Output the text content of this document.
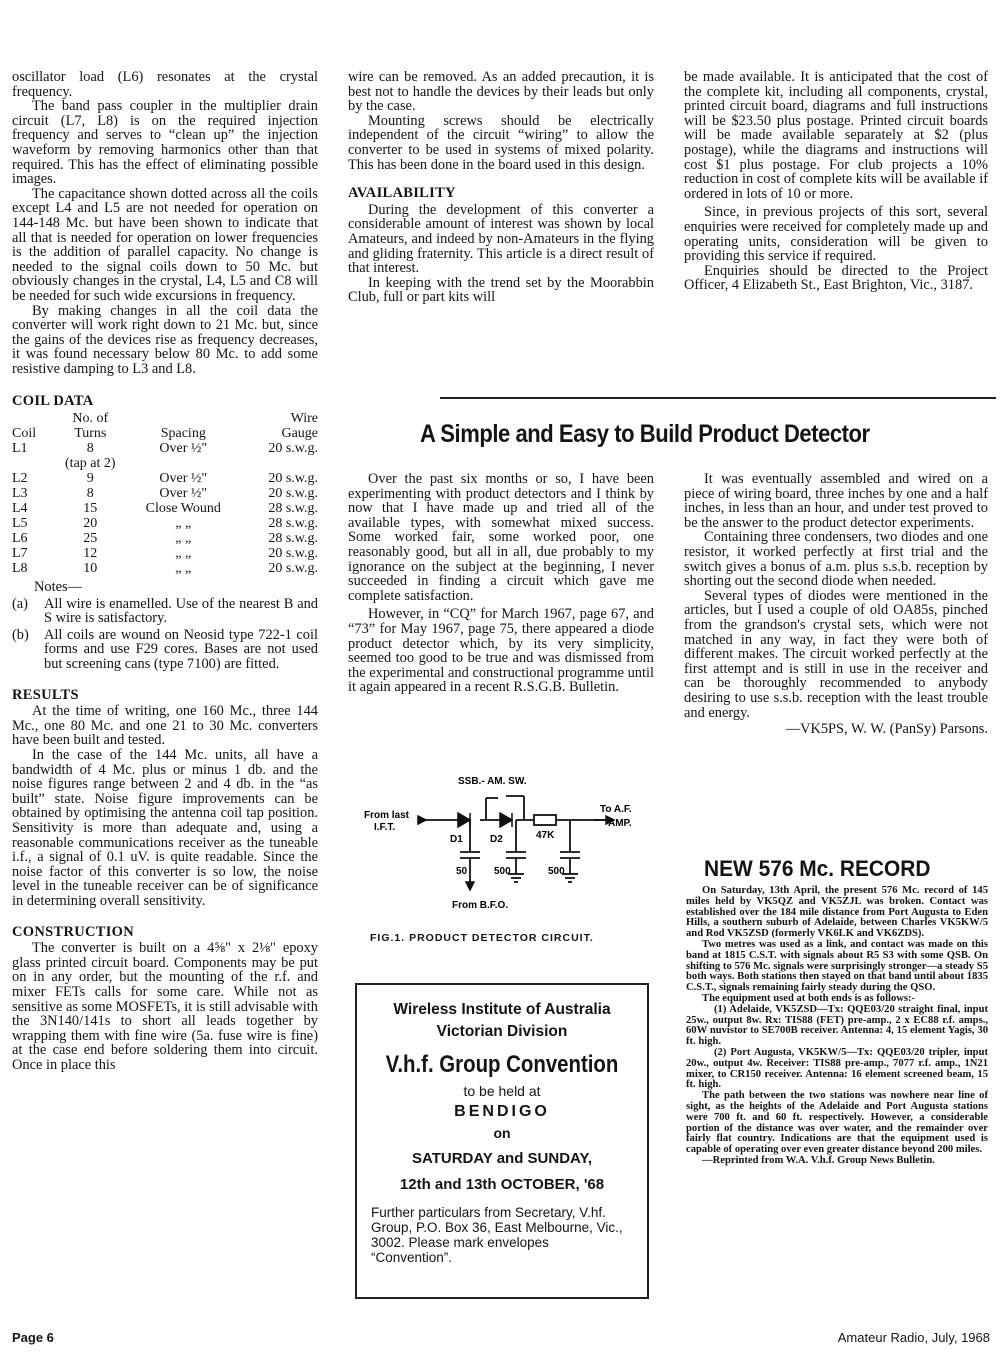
oscillator load (L6) resonates at the crystal frequency.

The band pass coupler in the multiplier drain circuit (L7, L8) is on the required injection frequency and serves to “clean up” the injection waveform by removing harmonics other than that required. This has the effect of eliminating possible images.

The capacitance shown dotted across all the coils except L4 and L5 are not needed for operation on 144-148 Mc. but have been shown to indicate that all that is needed for operation on lower frequencies is the addition of parallel capacity. No change is needed to the signal coils down to 50 Mc. but obviously changes in the crystal, L4, L5 and C8 will be needed for such wide excursions in frequency.

By making changes in all the coil data the converter will work right down to 21 Mc. but, since the gains of the devices rise as frequency decreases, it was found necessary below 80 Mc. to add some resistive damping to L3 and L8.

COIL DATA
	No. of		Wire
Coil	Turns	Spacing	Gauge
L1	8	Over ½"	20 s.w.g.
	(tap at 2)		
L2	9	Over ½"	20 s.w.g.
L3	8	Over ½"	20 s.w.g.
L4	15	Close Wound	28 s.w.g.
L5	20	„ „	28 s.w.g.
L6	25	„ „	28 s.w.g.
L7	12	„ „	20 s.w.g.
L8	10	„ „	20 s.w.g.
Notes—
(a)	All wire is enamelled. Use of the nearest B and S wire is satisfactory.
(b)	All coils are wound on Neosid type 722-1 coil forms and use F29 cores. Bases are not used but screening cans (type 7100) are fitted.
RESULTS

At the time of writing, one 160 Mc., three 144 Mc., one 80 Mc. and one 21 to 30 Mc. converters have been built and tested.

In the case of the 144 Mc. units, all have a bandwidth of 4 Mc. plus or minus 1 db. and the noise figures range between 2 and 4 db. in the “as built” state. Noise figure improvements can be obtained by optimising the antenna coil tap position. Sensitivity is more than adequate and, using a reasonable communications receiver as the tuneable i.f., a signal of 0.1 uV. is quite readable. Since the noise factor of this converter is so low, the noise level in the tuneable receiver can be of significance in determining overall sensitivity.

CONSTRUCTION

The converter is built on a 4⅝" x 2⅛" epoxy glass printed circuit board. Components may be put on in any order, but the mounting of the r.f. and mixer FETs calls for some care. While not as sensitive as some MOSFETs, it is still advisable with the 3N140/141s to short all leads together by wrapping them with fine wire (5a. fuse wire is fine) at the case end before soldering them into circuit. Once in place this

wire can be removed. As an added precaution, it is best not to handle the devices by their leads but only by the case.

Mounting screws should be electrically independent of the circuit “wiring” to allow the converter to be used in systems of mixed polarity. This has been done in the board used in this design.

AVAILABILITY

During the development of this converter a considerable amount of interest was shown by local Amateurs, and indeed by non-Amateurs in the flying and gliding fraternity. This article is a direct result of that interest.

In keeping with the trend set by the Moorabbin Club, full or part kits will

be made available. It is anticipated that the cost of the complete kit, including all components, crystal, printed circuit board, diagrams and full instructions will be $23.50 plus postage. Printed circuit boards will be made available separately at $2 (plus postage), while the diagrams and instructions will cost $1 plus postage. For club projects a 10% reduction in cost of complete kits will be available if ordered in lots of 10 or more.

Since, in previous projects of this sort, several enquiries were received for completely made up and operating units, consideration will be given to providing this service if required.

Enquiries should be directed to the Project Officer, 4 Elizabeth St., East Brighton, Vic., 3187.

A Simple and Easy to Build Product Detector

Over the past six months or so, I have been experimenting with product detectors and I think by now that I have made up and tried all of the available types, with somewhat mixed success. Some worked fair, some worked poor, one reasonably good, but all in all, due probably to my ignorance on the subject at the beginning, I never succeeded in finding a circuit which gave me complete satisfaction.

However, in “CQ” for March 1967, page 67, and “73” for May 1967, page 75, there appeared a diode product detector which, by its very simplicity, seemed too good to be true and was dismissed from the experimental and constructional programme until it again appeared in a recent R.S.G.B. Bulletin.

It was eventually assembled and wired on a piece of wiring board, three inches by one and a half inches, in less than an hour, and under test proved to be the answer to the product detector experiments.

Containing three condensers, two diodes and one resistor, it worked perfectly at first trial and the switch gives a bonus of a.m. plus s.s.b. reception by shorting out the second diode when needed.

Several types of diodes were mentioned in the articles, but I used a couple of old OA85s, pinched from the grandson's crystal sets, which were not matched in any way, in fact they were both of different makes. The circuit worked perfectly at the first attempt and is still in use in the receiver and can be thoroughly recommended to anybody desiring to use s.s.b. reception with the least trouble and energy.

—VK5PS, W. W. (PanSy) Parsons.

SSB.- AM. SW.
From last
I.F.T.
To A.F.
AMP.
D1	D2	47K
50	500	500
From B.F.O.
FIG.1. PRODUCT DETECTOR CIRCUIT.
Wireless Institute of Australia
Victorian Division
V.h.f. Group Convention
to be held at
BENDIGO
on
SATURDAY and SUNDAY,
12th and 13th OCTOBER, '68
Further particulars from Secretary, V.hf. Group, P.O. Box 36, East Melbourne, Vic., 3002. Please mark envelopes “Convention”.
NEW 576 Mc. RECORD

On Saturday, 13th April, the present 576 Mc. record of 145 miles held by VK5QZ and VK5ZJL was broken. Contact was established over the 184 mile distance from Port Augusta to Eden Hills, a southern suburb of Adelaide, between Charles VK5KW/5 and Rod VK5ZSD (formerly VK6LK and VK6ZDS).

Two metres was used as a link, and contact was made on this band at 1815 C.S.T. with signals about R5 S3 with some QSB. On shifting to 576 Mc. signals were surprisingly stronger—a steady S5 both ways. Both stations then stayed on that band until about 1835 C.S.T., signals remaining fairly steady during the QSO.

The equipment used at both ends is as follows:-

(1) Adelaide, VK5ZSD—Tx: QQE03/20 straight final, input 25w., output 8w. Rx: TIS88 (FET) pre-amp., 2 x EC88 r.f. amps., 60W nuvistor to SE700B receiver. Antenna: 4, 15 element Yagis, 30 ft. high.

(2) Port Augusta, VK5KW/5—Tx: QQE03/20 tripler, input 20w., output 4w. Receiver: TIS88 pre-amp., 7077 r.f. amp., 1N21 mixer, to CR150 receiver. Antenna: 16 element screened beam, 15 ft. high.

The path between the two stations was nowhere near line of sight, as the heights of the Adelaide and Port Augusta stations were 700 ft. and 60 ft. respectively. However, a considerable portion of the distance was over water, and the remainder over fairly flat country. Indications are that the equipment used is capable of operating over even greater distance beyond 200 miles.

—Reprinted from W.A. V.h.f. Group News Bulletin.

Page 6	Amateur Radio, July, 1968
